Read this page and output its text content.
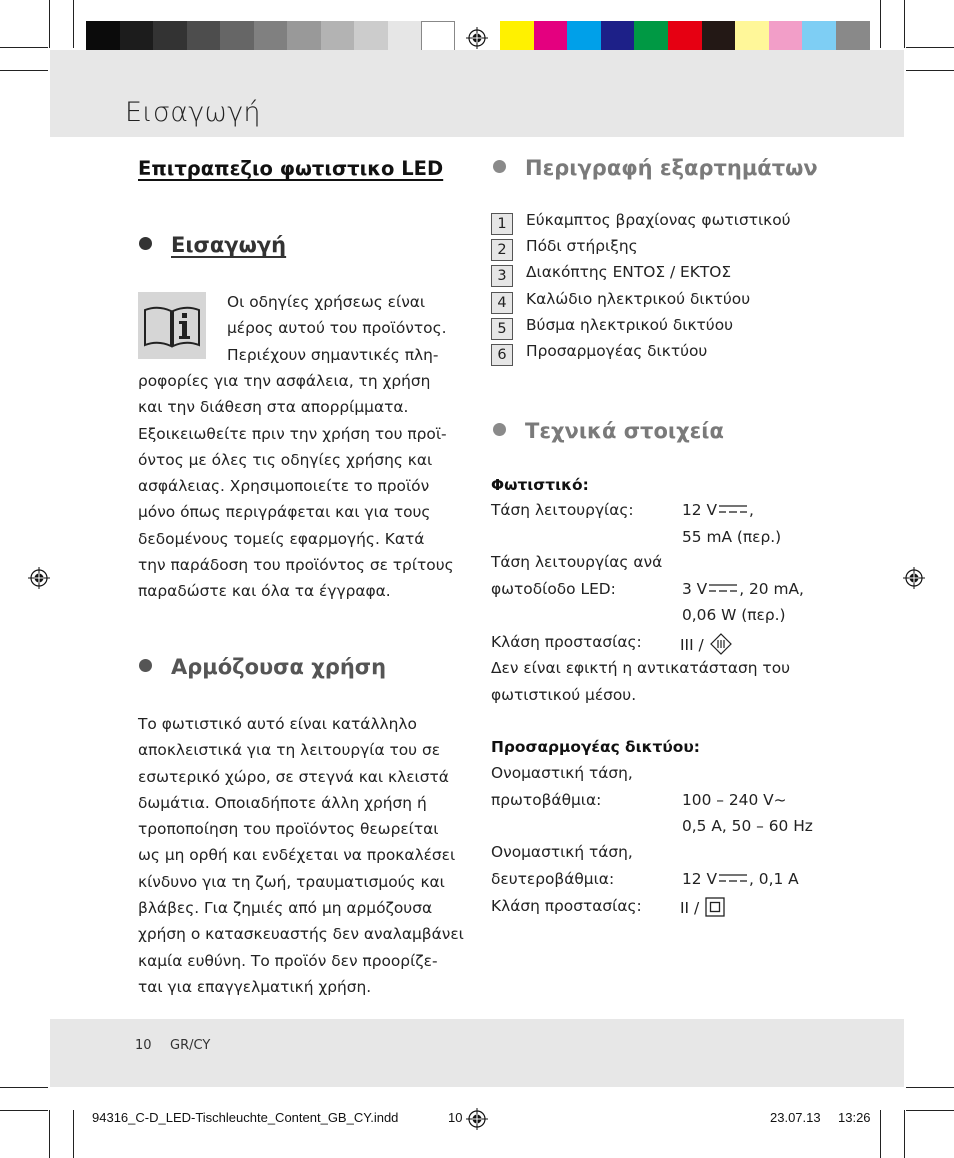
Εισαγωγή
Επιτραπεζιο φωτιστικο LED
Εισαγωγή
Οι οδηγίες χρήσεως είναι
μέρος αυτού του προϊόντος.
Περιέχουν σημαντικές πλη-
ροφορίες για την ασφάλεια, τη χρήση
και την διάθεση στα απορρίμματα.
Εξοικειωθείτε πριν την χρήση του προϊ-
όντος με όλες τις οδηγίες χρήσης και
ασφάλειας. Χρησιμοποιείτε το προϊόν
μόνο όπως περιγράφεται και για τους
δεδομένους τομείς εφαρμογής. Κατά
την παράδοση του προϊόντος σε τρίτους
παραδώστε και όλα τα έγγραφα.
Αρμόζουσα χρήση
Το φωτιστικό αυτό είναι κατάλληλο
αποκλειστικά για τη λειτουργία του σε
εσωτερικό χώρο, σε στεγνά και κλειστά
δωμάτια. Οποιαδήποτε άλλη χρήση ή
τροποποίηση του προϊόντος θεωρείται
ως μη ορθή και ενδέχεται να προκαλέσει
κίνδυνο για τη ζωή, τραυματισμούς και
βλάβες. Για ζημιές από μη αρμόζουσα
χρήση ο κατασκευαστής δεν αναλαμβάνει
καμία ευθύνη. Το προϊόν δεν προορίζε-
ται για επαγγελματική χρήση.
Περιγραφή εξαρτημάτων
1	Εύκαμπτος βραχίονας φωτιστικού
2	Πόδι στήριξης
3	Διακόπτης ΕΝΤΟΣ / ΕΚΤΟΣ
4	Καλώδιο ηλεκτρικού δικτύου
5	Βύσμα ηλεκτρικού δικτύου
6	Προσαρμογέας δικτύου
Τεχνικά στοιχεία
Φωτιστικό:
Τάση λειτουργίας:	12 V ,
55 mA (περ.)
Τάση λειτουργίας ανά
φωτοδίοδο LED:	3 V , 20 mA,
0,06 W (περ.)
Κλάση προστασίας: III /
Δεν είναι εφικτή η αντικατάσταση του
φωτιστικού μέσου.
Προσαρμογέας δικτύου:
Ονομαστική τάση,
πρωτοβάθμια:	100 – 240 V~
0,5 A, 50 – 60 Hz
Ονομαστική τάση,
δευτεροβάθμια:	12 V , 0,1 A
Κλάση προστασίας: II /
10 GR/CY
94316_C-D_LED-Tischleuchte_Content_GB_CY.indd	10	23.07.13 13:26
